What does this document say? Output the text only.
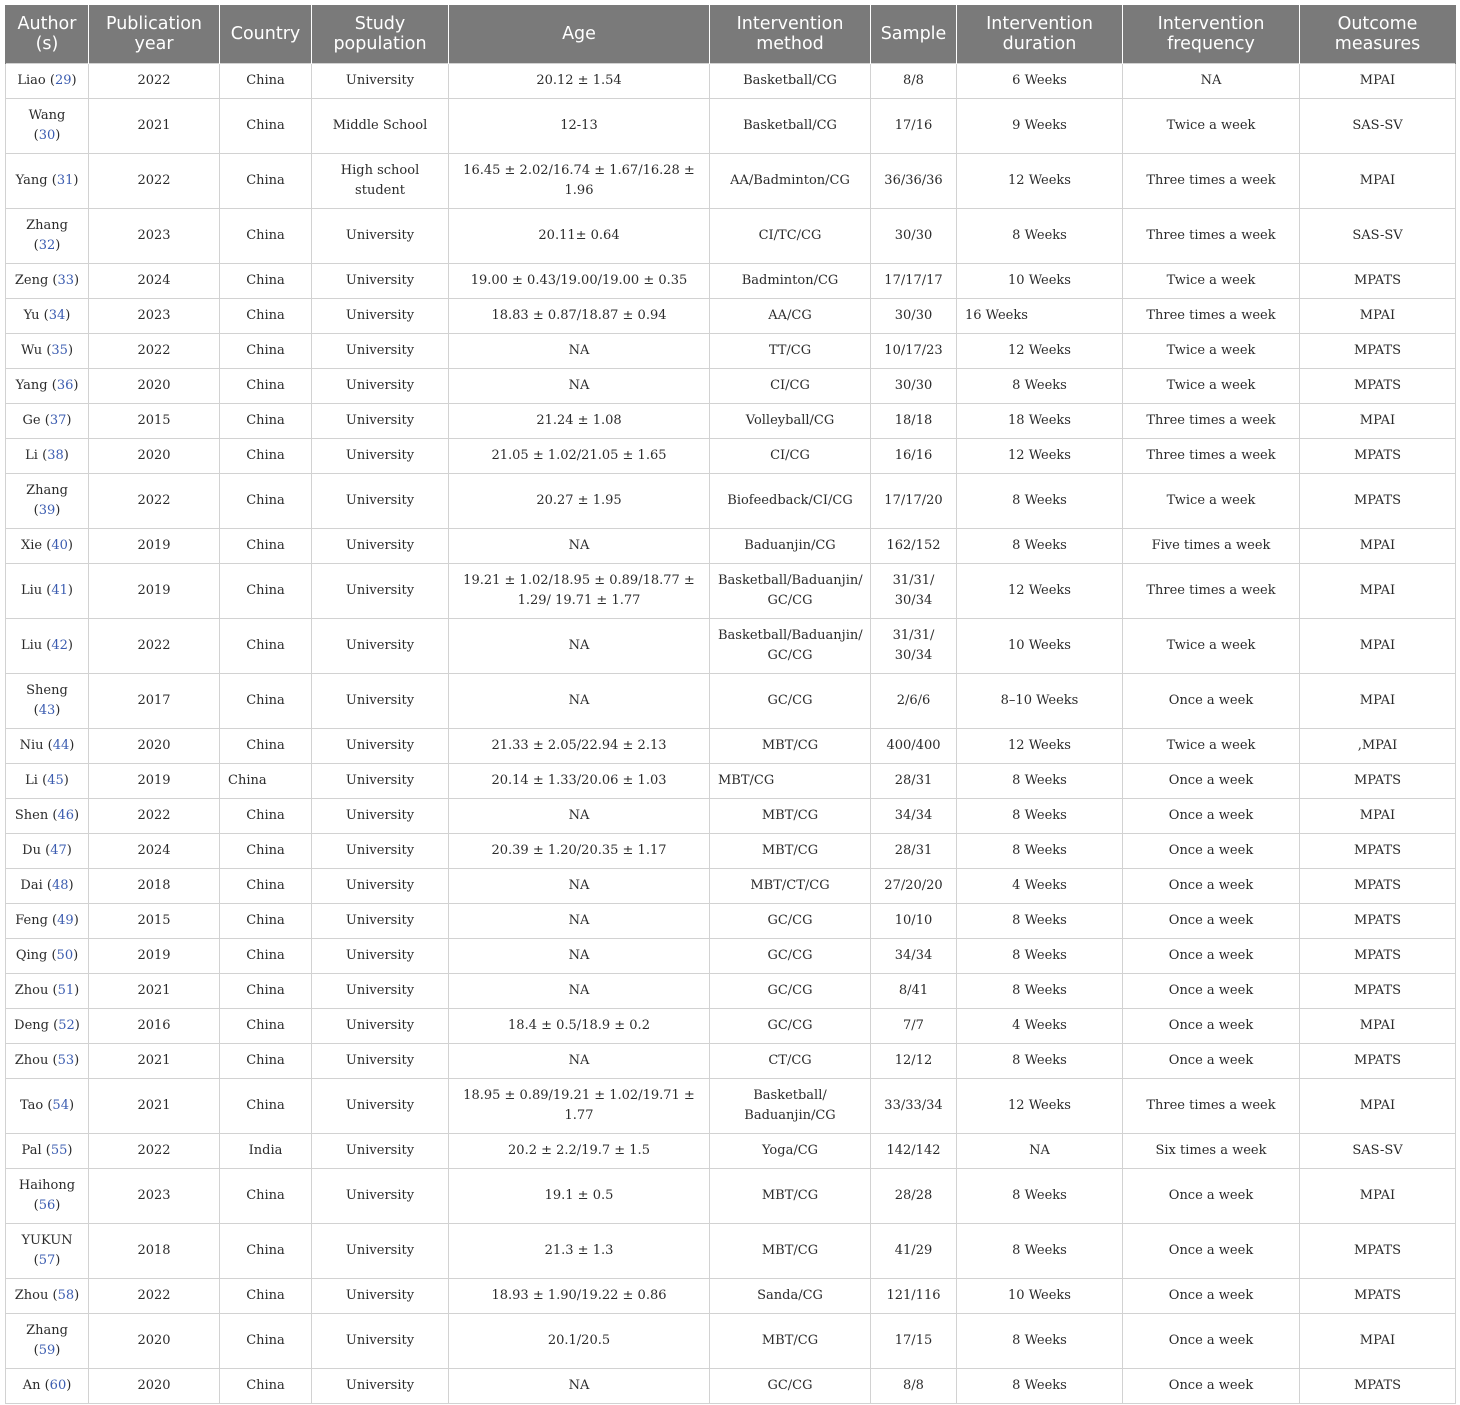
Author (s)	Publication year	Country	Study population	Age	Intervention method	Sample	Intervention duration	Intervention frequency	Outcome measures
Liao (29)	2022	China	University	20.12 ± 1.54	Basketball/CG	8/8	6 Weeks	NA	MPAI
Wang (30)	2021	China	Middle School	12-13	Basketball/CG	17/16	9 Weeks	Twice a week	SAS-SV
Yang (31)	2022	China	High school student	16.45 ± 2.02/16.74 ± 1.67/16.28 ± 1.96	AA/Badminton/CG	36/36/36	12 Weeks	Three times a week	MPAI
Zhang (32)	2023	China	University	20.11± 0.64	CI/TC/CG	30/30	8 Weeks	Three times a week	SAS-SV
Zeng (33)	2024	China	University	19.00 ± 0.43/19.00/19.00 ± 0.35	Badminton/CG	17/17/17	10 Weeks	Twice a week	MPATS
Yu (34)	2023	China	University	18.83 ± 0.87/18.87 ± 0.94	AA/CG	30/30	16 Weeks	Three times a week	MPAI
Wu (35)	2022	China	University	NA	TT/CG	10/17/23	12 Weeks	Twice a week	MPATS
Yang (36)	2020	China	University	NA	CI/CG	30/30	8 Weeks	Twice a week	MPATS
Ge (37)	2015	China	University	21.24 ± 1.08	Volleyball/CG	18/18	18 Weeks	Three times a week	MPAI
Li (38)	2020	China	University	21.05 ± 1.02/21.05 ± 1.65	CI/CG	16/16	12 Weeks	Three times a week	MPATS
Zhang (39)	2022	China	University	20.27 ± 1.95	Biofeedback/CI/CG	17/17/20	8 Weeks	Twice a week	MPATS
Xie (40)	2019	China	University	NA	Baduanjin/CG	162/152	8 Weeks	Five times a week	MPAI
Liu (41)	2019	China	University	19.21 ± 1.02/18.95 ± 0.89/18.77 ± 1.29/ 19.71 ± 1.77	Basketball/Baduanjin/ GC/CG	31/31/ 30/34	12 Weeks	Three times a week	MPAI
Liu (42)	2022	China	University	NA	Basketball/Baduanjin/ GC/CG	31/31/ 30/34	10 Weeks	Twice a week	MPAI
Sheng (43)	2017	China	University	NA	GC/CG	2/6/6	8–10 Weeks	Once a week	MPAI
Niu (44)	2020	China	University	21.33 ± 2.05/22.94 ± 2.13	MBT/CG	400/400	12 Weeks	Twice a week	,MPAI
Li (45)	2019	China	University	20.14 ± 1.33/20.06 ± 1.03	MBT/CG	28/31	8 Weeks	Once a week	MPATS
Shen (46)	2022	China	University	NA	MBT/CG	34/34	8 Weeks	Once a week	MPAI
Du (47)	2024	China	University	20.39 ± 1.20/20.35 ± 1.17	MBT/CG	28/31	8 Weeks	Once a week	MPATS
Dai (48)	2018	China	University	NA	MBT/CT/CG	27/20/20	4 Weeks	Once a week	MPATS
Feng (49)	2015	China	University	NA	GC/CG	10/10	8 Weeks	Once a week	MPATS
Qing (50)	2019	China	University	NA	GC/CG	34/34	8 Weeks	Once a week	MPATS
Zhou (51)	2021	China	University	NA	GC/CG	8/41	8 Weeks	Once a week	MPATS
Deng (52)	2016	China	University	18.4 ± 0.5/18.9 ± 0.2	GC/CG	7/7	4 Weeks	Once a week	MPAI
Zhou (53)	2021	China	University	NA	CT/CG	12/12	8 Weeks	Once a week	MPATS
Tao (54)	2021	China	University	18.95 ± 0.89/19.21 ± 1.02/19.71 ± 1.77	Basketball/ Baduanjin/CG	33/33/34	12 Weeks	Three times a week	MPAI
Pal (55)	2022	India	University	20.2 ± 2.2/19.7 ± 1.5	Yoga/CG	142/142	NA	Six times a week	SAS-SV
Haihong (56)	2023	China	University	19.1 ± 0.5	MBT/CG	28/28	8 Weeks	Once a week	MPAI
YUKUN (57)	2018	China	University	21.3 ± 1.3	MBT/CG	41/29	8 Weeks	Once a week	MPATS
Zhou (58)	2022	China	University	18.93 ± 1.90/19.22 ± 0.86	Sanda/CG	121/116	10 Weeks	Once a week	MPATS
Zhang (59)	2020	China	University	20.1/20.5	MBT/CG	17/15	8 Weeks	Once a week	MPAI
An (60)	2020	China	University	NA	GC/CG	8/8	8 Weeks	Once a week	MPATS
